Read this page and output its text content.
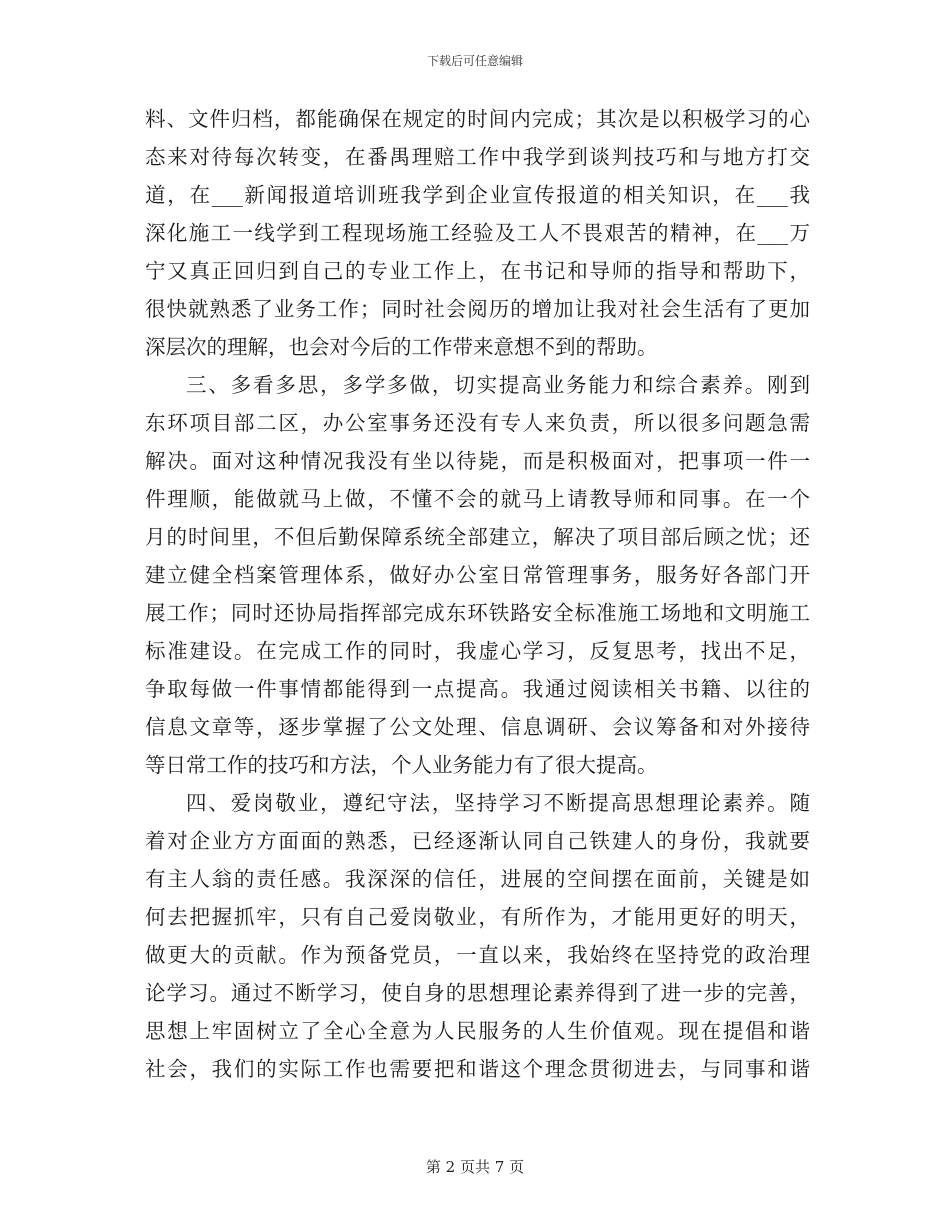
下载后可任意编辑
料、文件归档，都能确保在规定的时间内完成；其次是以积极学习的心
态来对待每次转变，在番禺理赔工作中我学到谈判技巧和与地方打交
道，在___新闻报道培训班我学到企业宣传报道的相关知识，在___我
深化施工一线学到工程现场施工经验及工人不畏艰苦的精神，在___万
宁又真正回归到自己的专业工作上，在书记和导师的指导和帮助下，
很快就熟悉了业务工作；同时社会阅历的增加让我对社会生活有了更加
深层次的理解，也会对今后的工作带来意想不到的帮助。
三、多看多思，多学多做，切实提高业务能力和综合素养。刚到
东环项目部二区，办公室事务还没有专人来负责，所以很多问题急需
解决。面对这种情况我没有坐以待毙，而是积极面对，把事项一件一
件理顺，能做就马上做，不懂不会的就马上请教导师和同事。在一个
月的时间里，不但后勤保障系统全部建立，解决了项目部后顾之忧；还
建立健全档案管理体系，做好办公室日常管理事务，服务好各部门开
展工作；同时还协局指挥部完成东环铁路安全标准施工场地和文明施工
标准建设。在完成工作的同时，我虚心学习，反复思考，找出不足，
争取每做一件事情都能得到一点提高。我通过阅读相关书籍、以往的
信息文章等，逐步掌握了公文处理、信息调研、会议筹备和对外接待
等日常工作的技巧和方法，个人业务能力有了很大提高。
四、爱岗敬业，遵纪守法，坚持学习不断提高思想理论素养。随
着对企业方方面面的熟悉，已经逐渐认同自己铁建人的身份，我就要
有主人翁的责任感。我深深的信任，进展的空间摆在面前，关键是如
何去把握抓牢，只有自己爱岗敬业，有所作为，才能用更好的明天，
做更大的贡献。作为预备党员，一直以来，我始终在坚持党的政治理
论学习。通过不断学习，使自身的思想理论素养得到了进一步的完善，
思想上牢固树立了全心全意为人民服务的人生价值观。现在提倡和谐
社会，我们的实际工作也需要把和谐这个理念贯彻进去，与同事和谐
第 2 页共 7 页
